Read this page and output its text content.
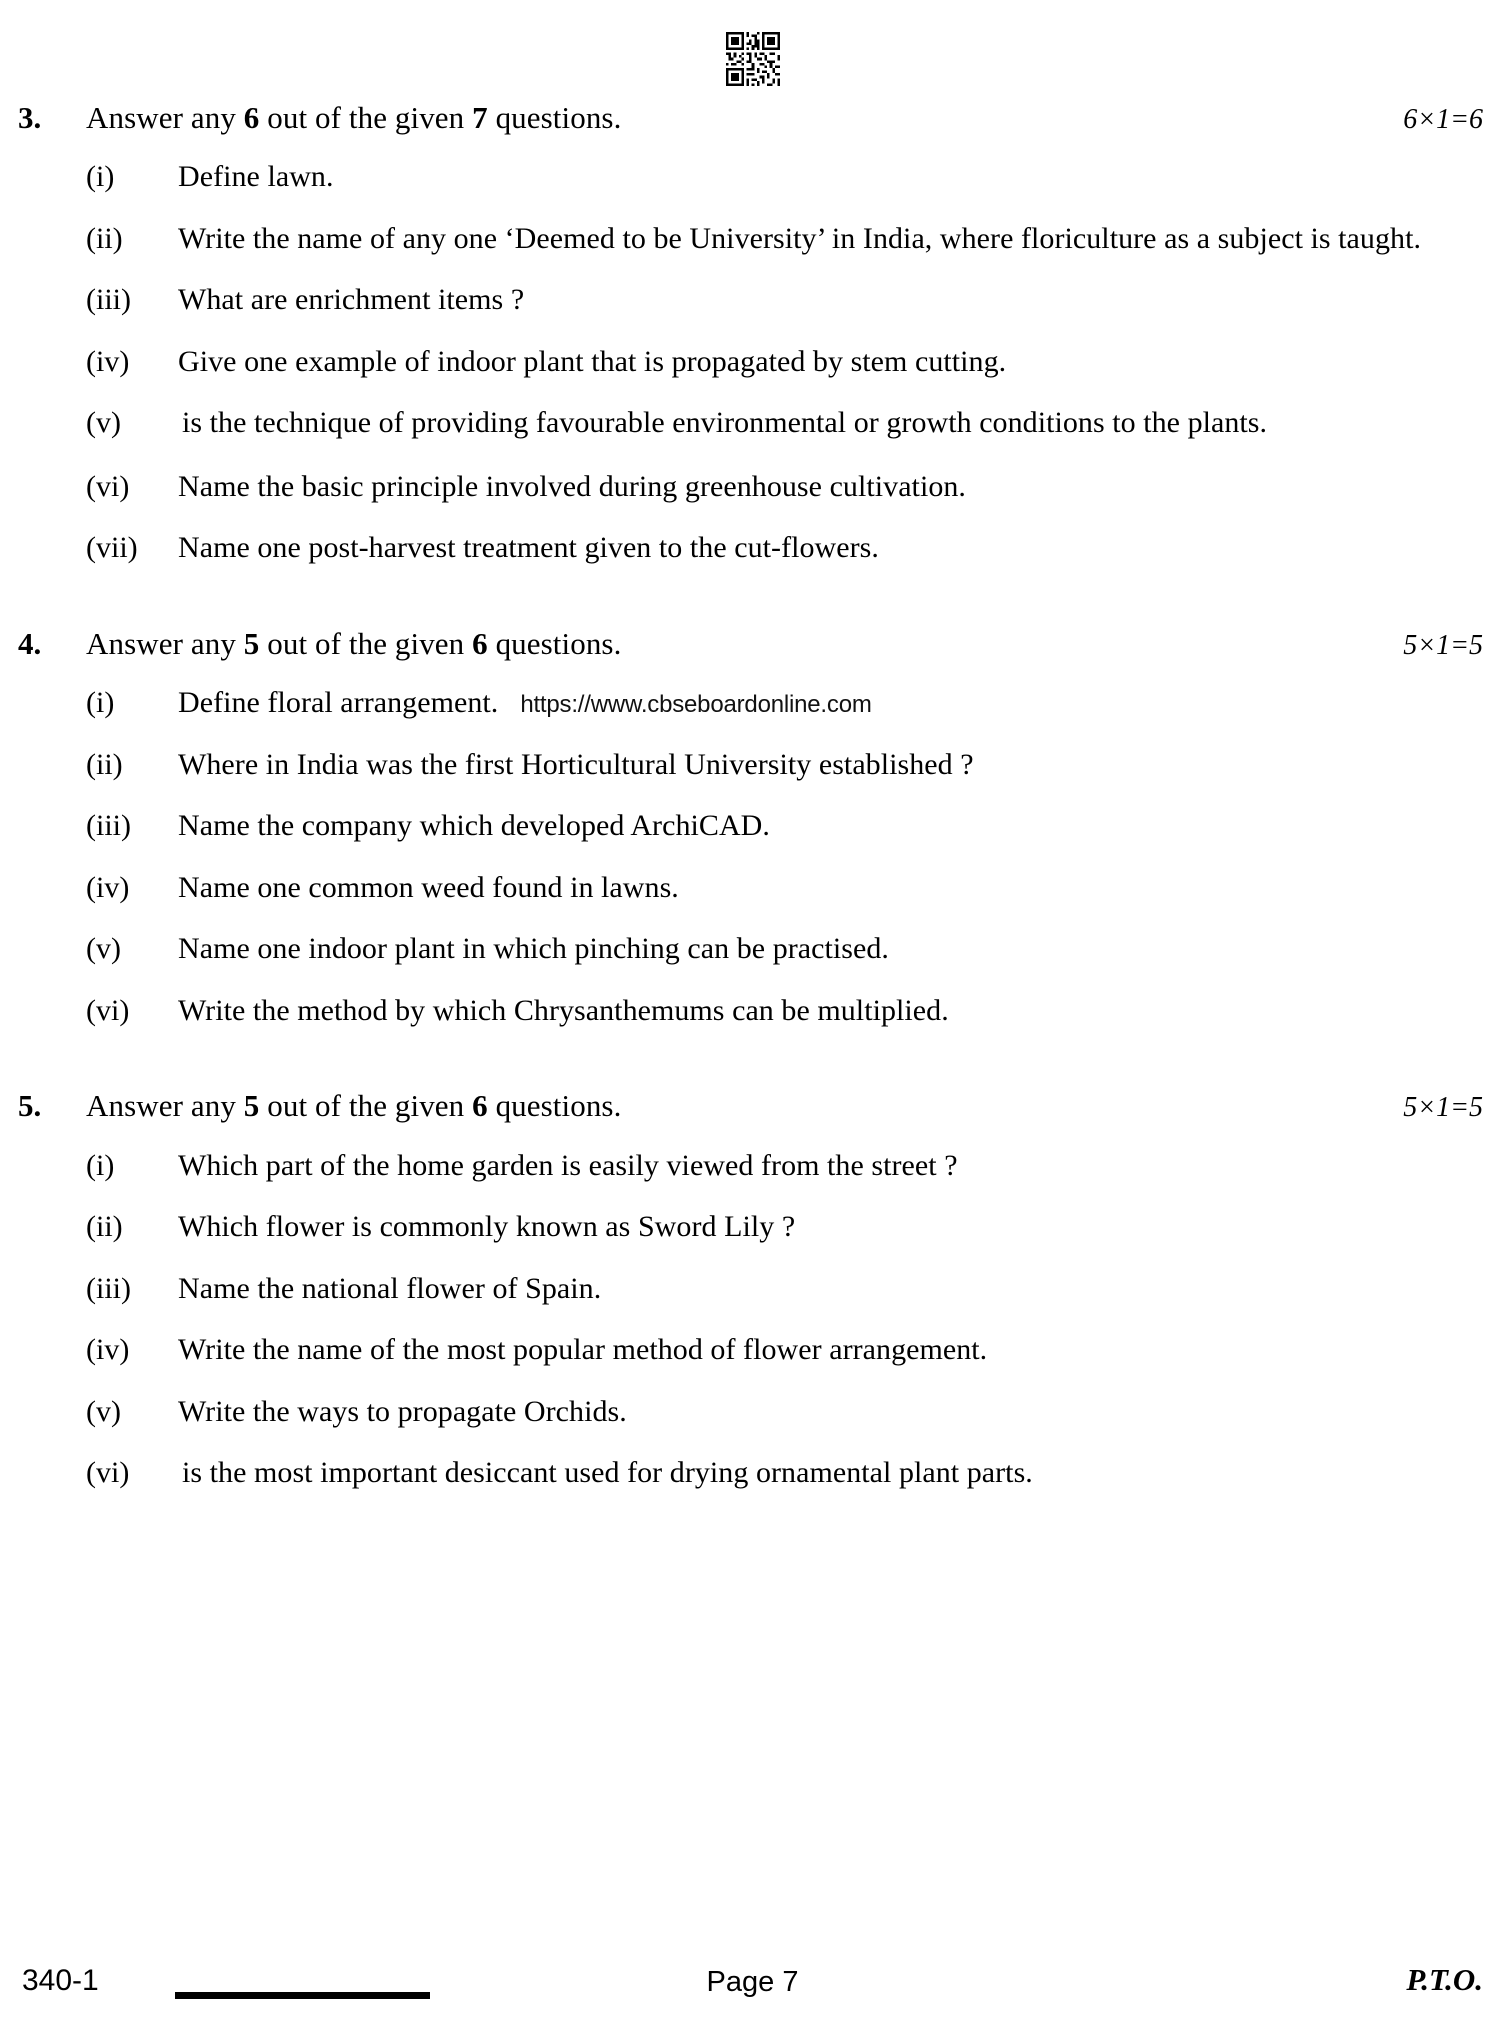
3.	Answer any 6 out of the given 7 questions.	6×1=6
(i)	Define lawn.
(ii)	Write the name of any one ‘Deemed to be University’ in India, where floriculture as a subject is taught.
(iii)	What are enrichment items ?
(iv)	Give one example of indoor plant that is propagated by stem cutting.
(v)	is the technique of providing favourable environmental or growth conditions to the plants.
(vi)	Name the basic principle involved during greenhouse cultivation.
(vii)	Name one post-harvest treatment given to the cut-flowers.
4.	Answer any 5 out of the given 6 questions.	5×1=5
(i)	Define floral arrangement. https://www.cbseboardonline.com
(ii)	Where in India was the first Horticultural University established ?
(iii)	Name the company which developed ArchiCAD.
(iv)	Name one common weed found in lawns.
(v)	Name one indoor plant in which pinching can be practised.
(vi)	Write the method by which Chrysanthemums can be multiplied.
5.	Answer any 5 out of the given 6 questions.	5×1=5
(i)	Which part of the home garden is easily viewed from the street ?
(ii)	Which flower is commonly known as Sword Lily ?
(iii)	Name the national flower of Spain.
(iv)	Write the name of the most popular method of flower arrangement.
(v)	Write the ways to propagate Orchids.
(vi)	is the most important desiccant used for drying ornamental plant parts.
340-1	Page 7	P.T.O.
